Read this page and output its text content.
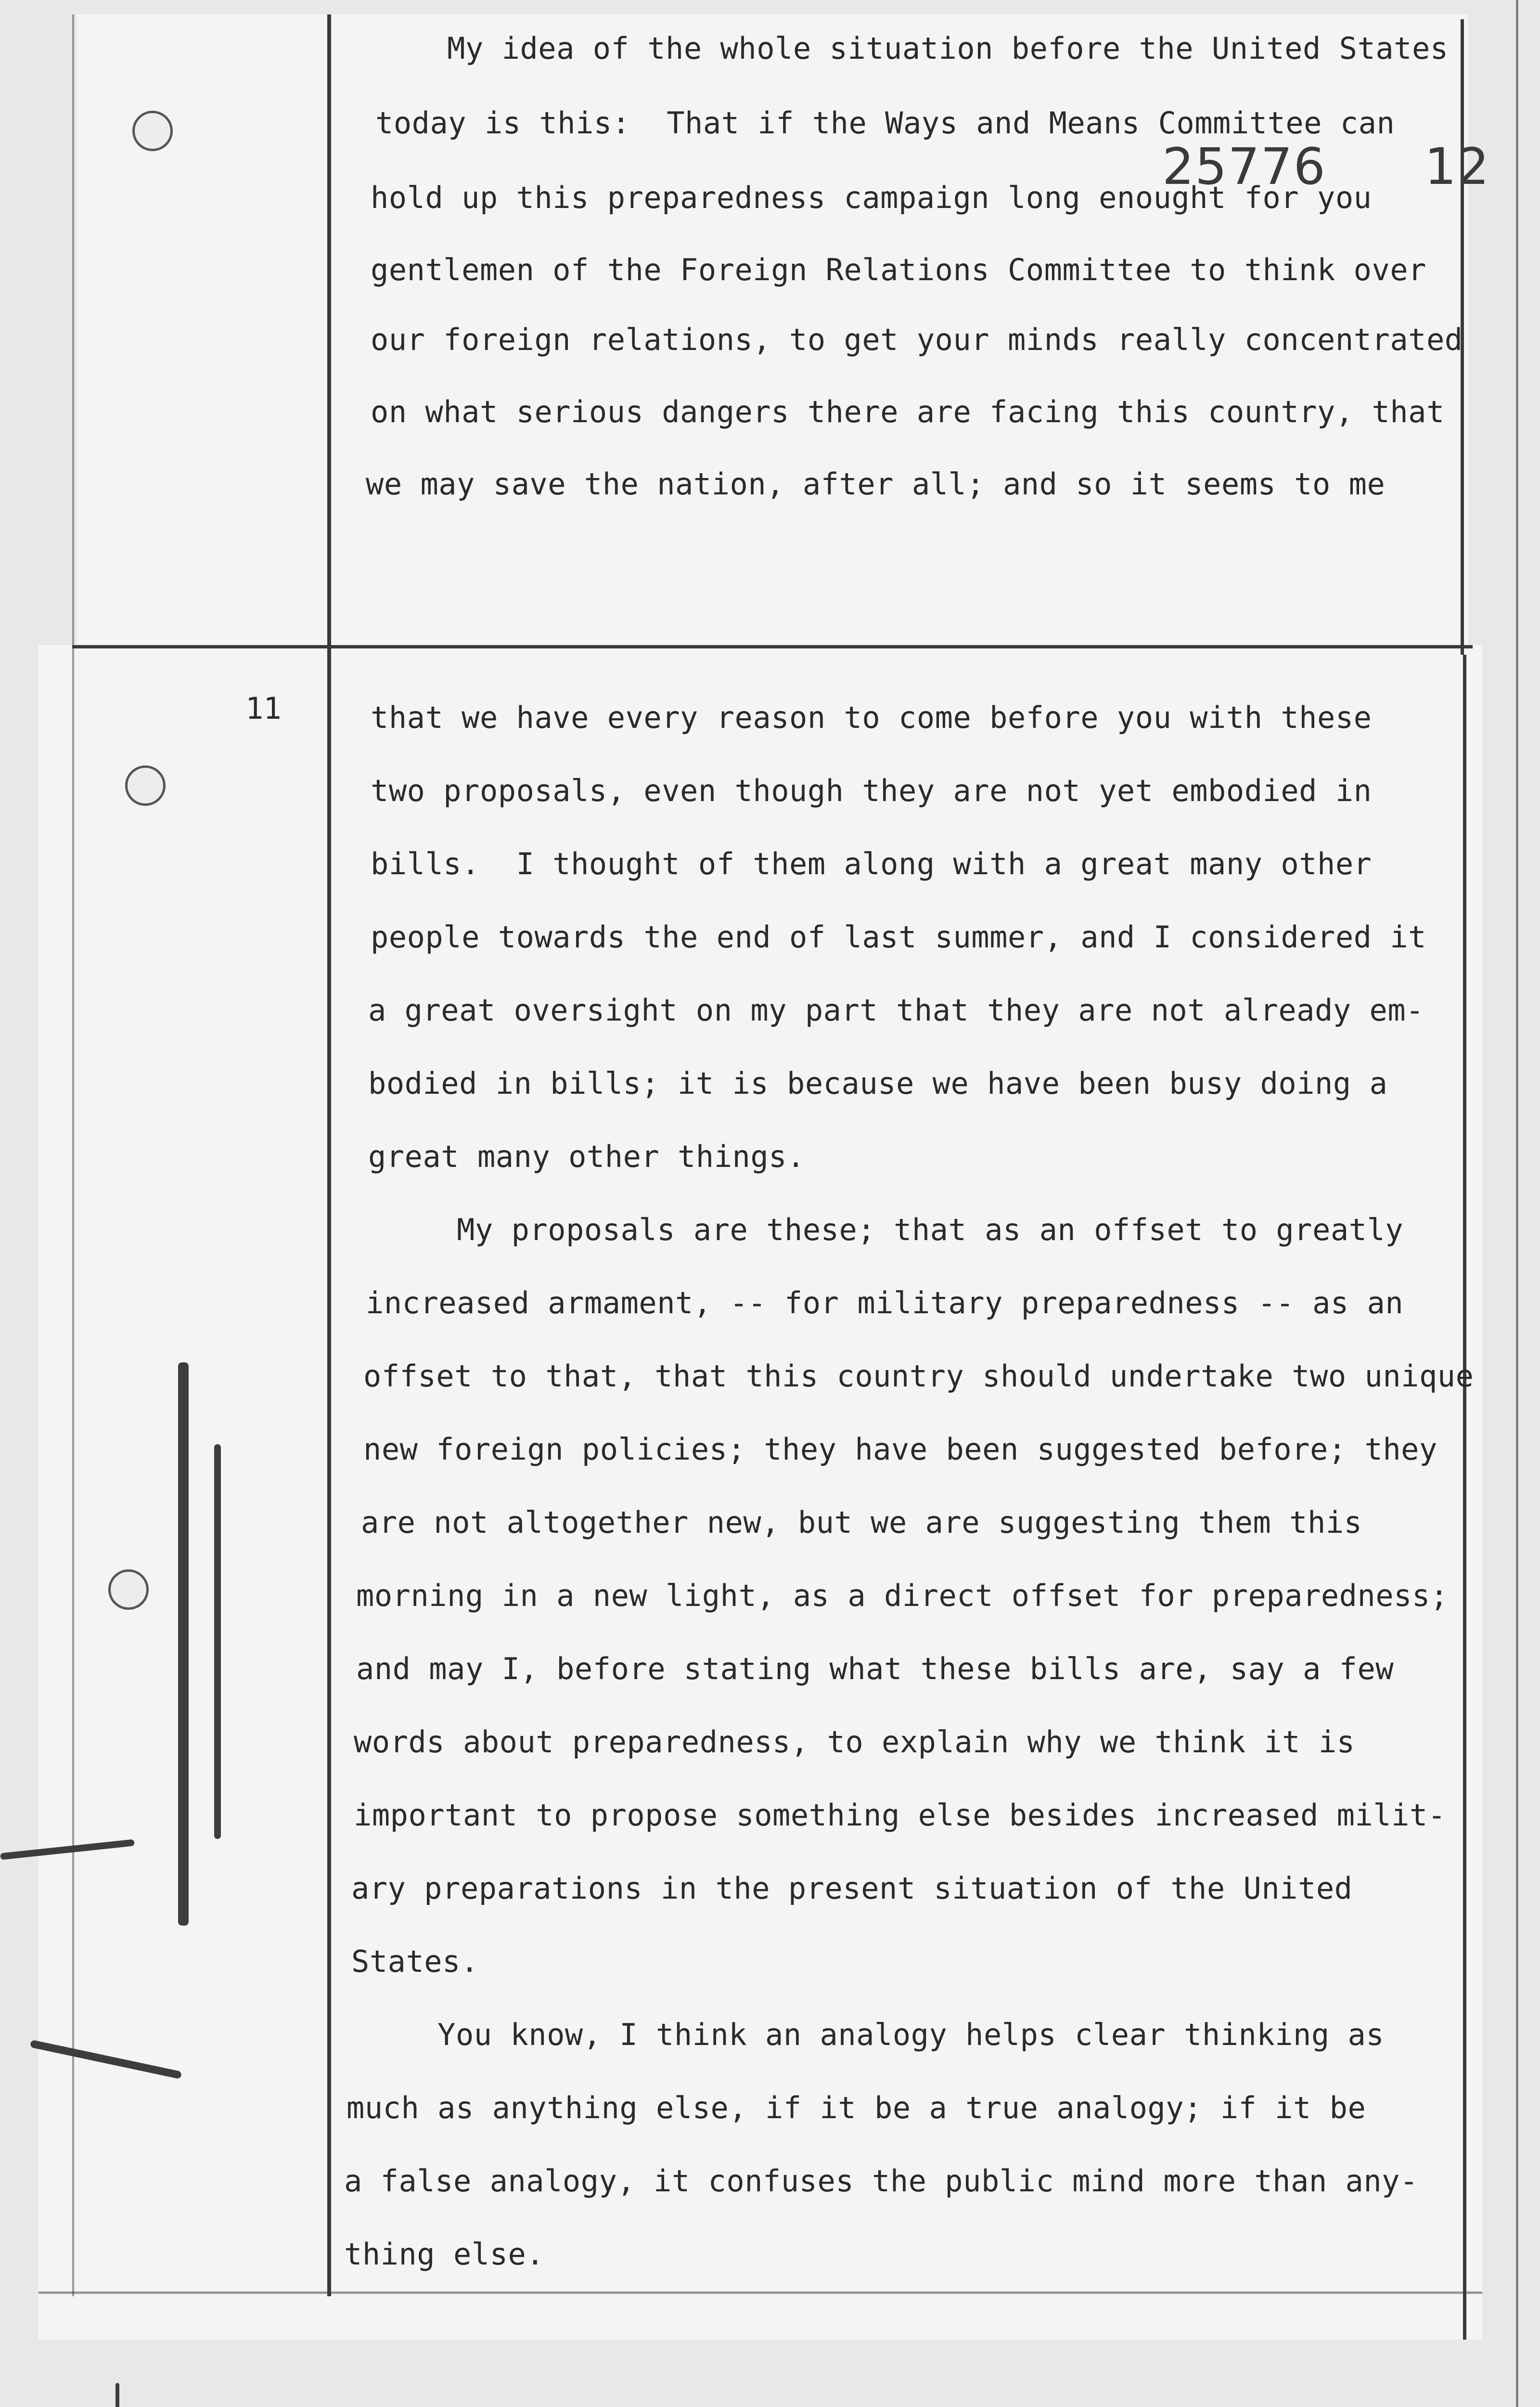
25776 12
11
My idea of the whole situation before the United States
today is this:  That if the Ways and Means Committee can
hold up this preparedness campaign long enought for you
gentlemen of the Foreign Relations Committee to think over
our foreign relations, to get your minds really concentrated
on what serious dangers there are facing this country, that
we may save the nation, after all; and so it seems to me
that we have every reason to come before you with these
two proposals, even though they are not yet embodied in
bills.  I thought of them along with a great many other
people towards the end of last summer, and I considered it
a great oversight on my part that they are not already em-
bodied in bills; it is because we have been busy doing a
great many other things.
My proposals are these; that as an offset to greatly
increased armament, -- for military preparedness -- as an
offset to that, that this country should undertake two unique
new foreign policies; they have been suggested before; they
are not altogether new, but we are suggesting them this
morning in a new light, as a direct offset for preparedness;
and may I, before stating what these bills are, say a few
words about preparedness, to explain why we think it is
important to propose something else besides increased milit-
ary preparations in the present situation of the United
States.
You know, I think an analogy helps clear thinking as
much as anything else, if it be a true analogy; if it be
a false analogy, it confuses the public mind more than any-
thing else.
